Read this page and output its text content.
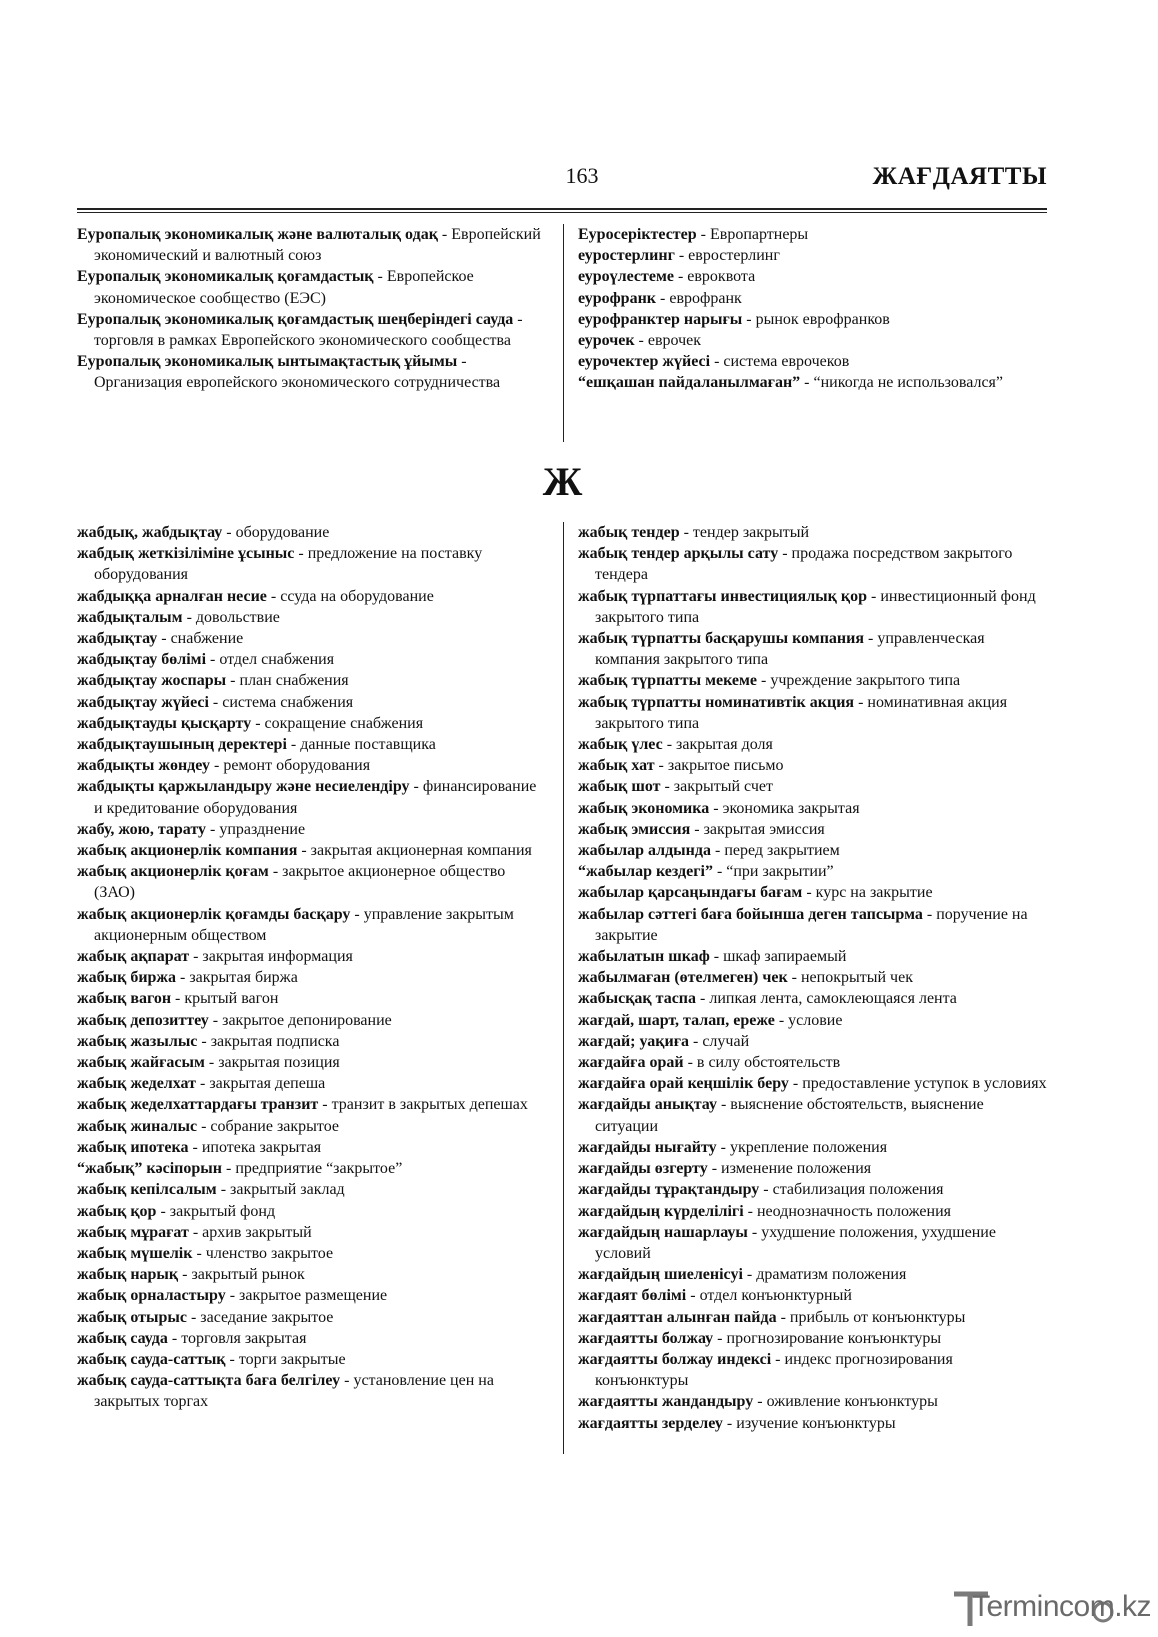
163	ЖАҒДАЯТТЫ

Еуропалық экономикалық және валюталық одақ - Европейский экономический и валютный союз

Еуропалық экономикалық қоғамдастық - Европейское экономическое сообщество (ЕЭС)

Еуропалық экономикалық қоғамдастық шеңберіндегі сауда - торговля в рамках Европейского экономического сообщества

Еуропалық экономикалық ынтымақтастық ұйымы - Организация европейского экономического сотрудничества

Еуросеріктестер - Европартнеры

еуростерлинг - евростерлинг

еуроүлестеме - евроквота

еурофранк - еврофранк

еурофранктер нарығы - рынок еврофранков

еурочек - еврочек

еурочектер жүйесі - система еврочеков

“ешқашан пайдаланылмаған” - “никогда не использовался”

Ж

жабдық, жабдықтау - оборудование

жабдық жеткізіліміне ұсыныс - предложение на поставку оборудования

жабдыққа арналған несие - ссуда на оборудование

жабдықталым - довольствие

жабдықтау - снабжение

жабдықтау бөлімі - отдел снабжения

жабдықтау жоспары - план снабжения

жабдықтау жүйесі - система снабжения

жабдықтауды қысқарту - сокращение снабжения

жабдықтаушының деректері - данные поставщика

жабдықты жөндеу - ремонт оборудования

жабдықты қаржыландыру және несиелендіру - финансирование и кредитование оборудования

жабу, жою, тарату - упразднение

жабық акционерлік компания - закрытая акционерная компания

жабық акционерлік қоғам - закрытое акционерное общество (ЗАО)

жабық акционерлік қоғамды басқару - управление закрытым акционерным обществом

жабық ақпарат - закрытая информация

жабық биржа - закрытая биржа

жабық вагон - крытый вагон

жабық депозиттеу - закрытое депонирование

жабық жазылыс - закрытая подписка

жабық жайғасым - закрытая позиция

жабық жеделхат - закрытая депеша

жабық жеделхаттардағы транзит - транзит в закрытых депешах

жабық жиналыс - собрание закрытое

жабық ипотека - ипотека закрытая

“жабық” кәсіпорын - предприятие “закрытое”

жабық кепілсалым - закрытый заклад

жабық қор - закрытый фонд

жабық мұрағат - архив закрытый

жабық мүшелік - членство закрытое

жабық нарық - закрытый рынок

жабық орналастыру - закрытое размещение

жабық отырыс - заседание закрытое

жабық сауда - торговля закрытая

жабық сауда-саттық - торги закрытые

жабық сауда-саттықта баға белгілеу - установление цен на закрытых торгах

жабық тендер - тендер закрытый

жабық тендер арқылы сату - продажа посредством закрытого тендера

жабық түрпаттағы инвестициялық қор - инвестиционный фонд закрытого типа

жабық түрпатты басқарушы компания - управленческая компания закрытого типа

жабық түрпатты мекеме - учреждение закрытого типа

жабық түрпатты номинативтік акция - номинативная акция закрытого типа

жабық үлес - закрытая доля

жабық хат - закрытое письмо

жабық шот - закрытый счет

жабық экономика - экономика закрытая

жабық эмиссия - закрытая эмиссия

жабылар алдында - перед закрытием

“жабылар кездегі” - “при закрытии”

жабылар қарсаңындағы бағам - курс на закрытие

жабылар сәттегі баға бойынша деген тапсырма - поручение на закрытие

жабылатын шкаф - шкаф запираемый

жабылмаған (өтелмеген) чек - непокрытый чек

жабысқақ таспа - липкая лента, самоклеющаяся лента

жағдай, шарт, талап, ереже - условие

жағдай; уақиға - случай

жағдайға орай - в силу обстоятельств

жағдайға орай кеңшілік беру - предоставление уступок в условиях

жағдайды анықтау - выяснение обстоятельств, выяснение ситуации

жағдайды нығайту - укрепление положения

жағдайды өзгерту - изменение положения

жағдайды тұрақтандыру - стабилизация положения

жағдайдың күрделілігі - неоднозначность положения

жағдайдың нашарлауы - ухудшение положения, ухудшение условий

жағдайдың шиеленісуі - драматизм положения

жағдаят бөлімі - отдел конъюнктурный

жағдаяттан алынған пайда - прибыль от конъюнктуры

жағдаятты болжау - прогнозирование конъюнктуры

жағдаятты болжау индексі - индекс прогнозирования конъюнктуры

жағдаятты жандандыру - оживление конъюнктуры

жағдаятты зерделеу - изучение конъюнктуры

Termincom.kz
